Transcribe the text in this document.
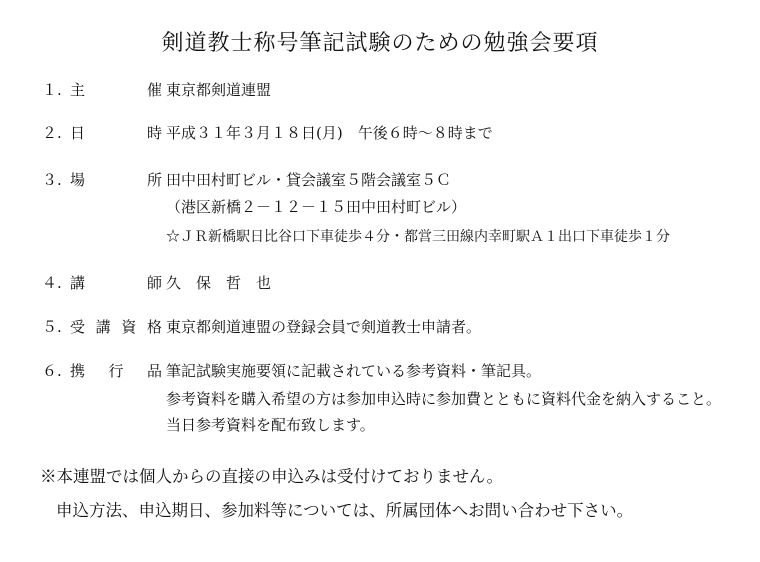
剣道教士称号筆記試験のための勉強会要項
１. 主	催 東京都剣道連盟
２. 日	時 平成３１年３月１８日(月)　午後６時～８時まで
３. 場	所 田中田村町ビル・貸会議室５階会議室５Ｃ
（港区新橋２－１２－１５田中田村町ビル）
☆ＪＲ新橋駅日比谷口下車徒歩４分・都営三田線内幸町駅Ａ１出口下車徒歩１分
４. 講	師 久　保　哲　也
５. 受 講 資 格 東京都剣道連盟の登録会員で剣道教士申請者。
６. 携 行 品 筆記試験実施要領に記載されている参考資料・筆記具。
参考資料を購入希望の方は参加申込時に参加費とともに資料代金を納入すること。
当日参考資料を配布致します。
※本連盟では個人からの直接の申込みは受付けておりません。
申込方法、申込期日、参加料等については、所属団体へお問い合わせ下さい。
